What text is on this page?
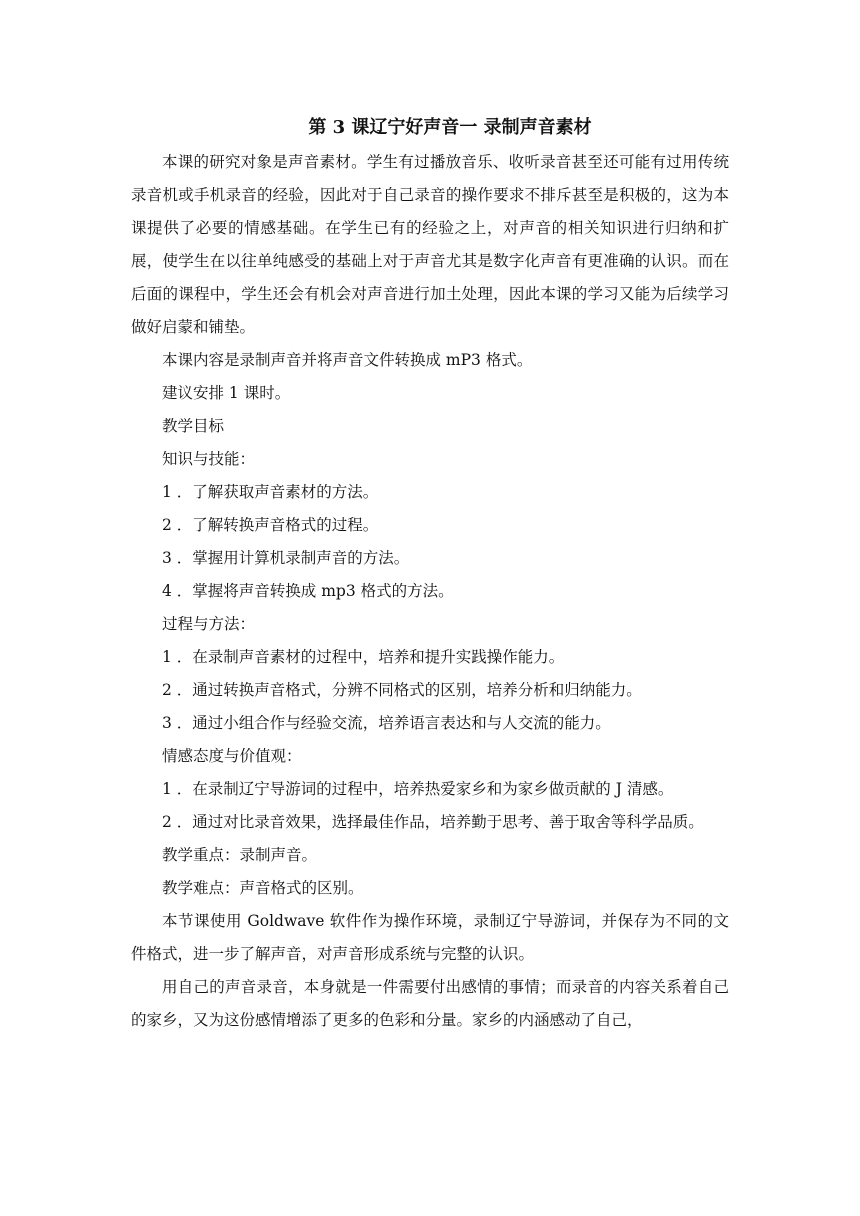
第 3 课辽宁好声音一 录制声音素材

本课的研究对象是声音素材。学生有过播放音乐、收听录音甚至还可能有过用传统录音机或手机录音的经验，因此对于自己录音的操作要求不排斥甚至是积极的，这为本课提供了必要的情感基础。在学生已有的经验之上，对声音的相关知识进行归纳和扩展，使学生在以往单纯感受的基础上对于声音尤其是数字化声音有更准确的认识。而在后面的课程中，学生还会有机会对声音进行加土处理，因此本课的学习又能为后续学习做好启蒙和铺垫。

本课内容是录制声音并将声音文件转换成 mP3 格式。

建议安排 1 课时。

教学目标

知识与技能：

1 ．了解获取声音素材的方法。

2 ．了解转换声音格式的过程。

3 ．掌握用计算机录制声音的方法。

4 ．掌握将声音转换成 mp3 格式的方法。

过程与方法：

1 ．在录制声音素材的过程中，培养和提升实践操作能力。

2 ．通过转换声音格式，分辨不同格式的区别，培养分析和归纳能力。

3 ．通过小组合作与经验交流，培养语言表达和与人交流的能力。

情感态度与价值观：

1 ．在录制辽宁导游词的过程中，培养热爱家乡和为家乡做贡献的 J 清感。

2 ．通过对比录音效果，选择最佳作品，培养勤于思考、善于取舍等科学品质。

教学重点：录制声音。

教学难点：声音格式的区别。

本节课使用 Goldwave 软件作为操作环境，录制辽宁导游词，并保存为不同的文件格式，进一步了解声音，对声音形成系统与完整的认识。

用自己的声音录音，本身就是一件需要付出感情的事情；而录音的内容关系着自己的家乡，又为这份感情增添了更多的色彩和分量。家乡的内涵感动了自己，
